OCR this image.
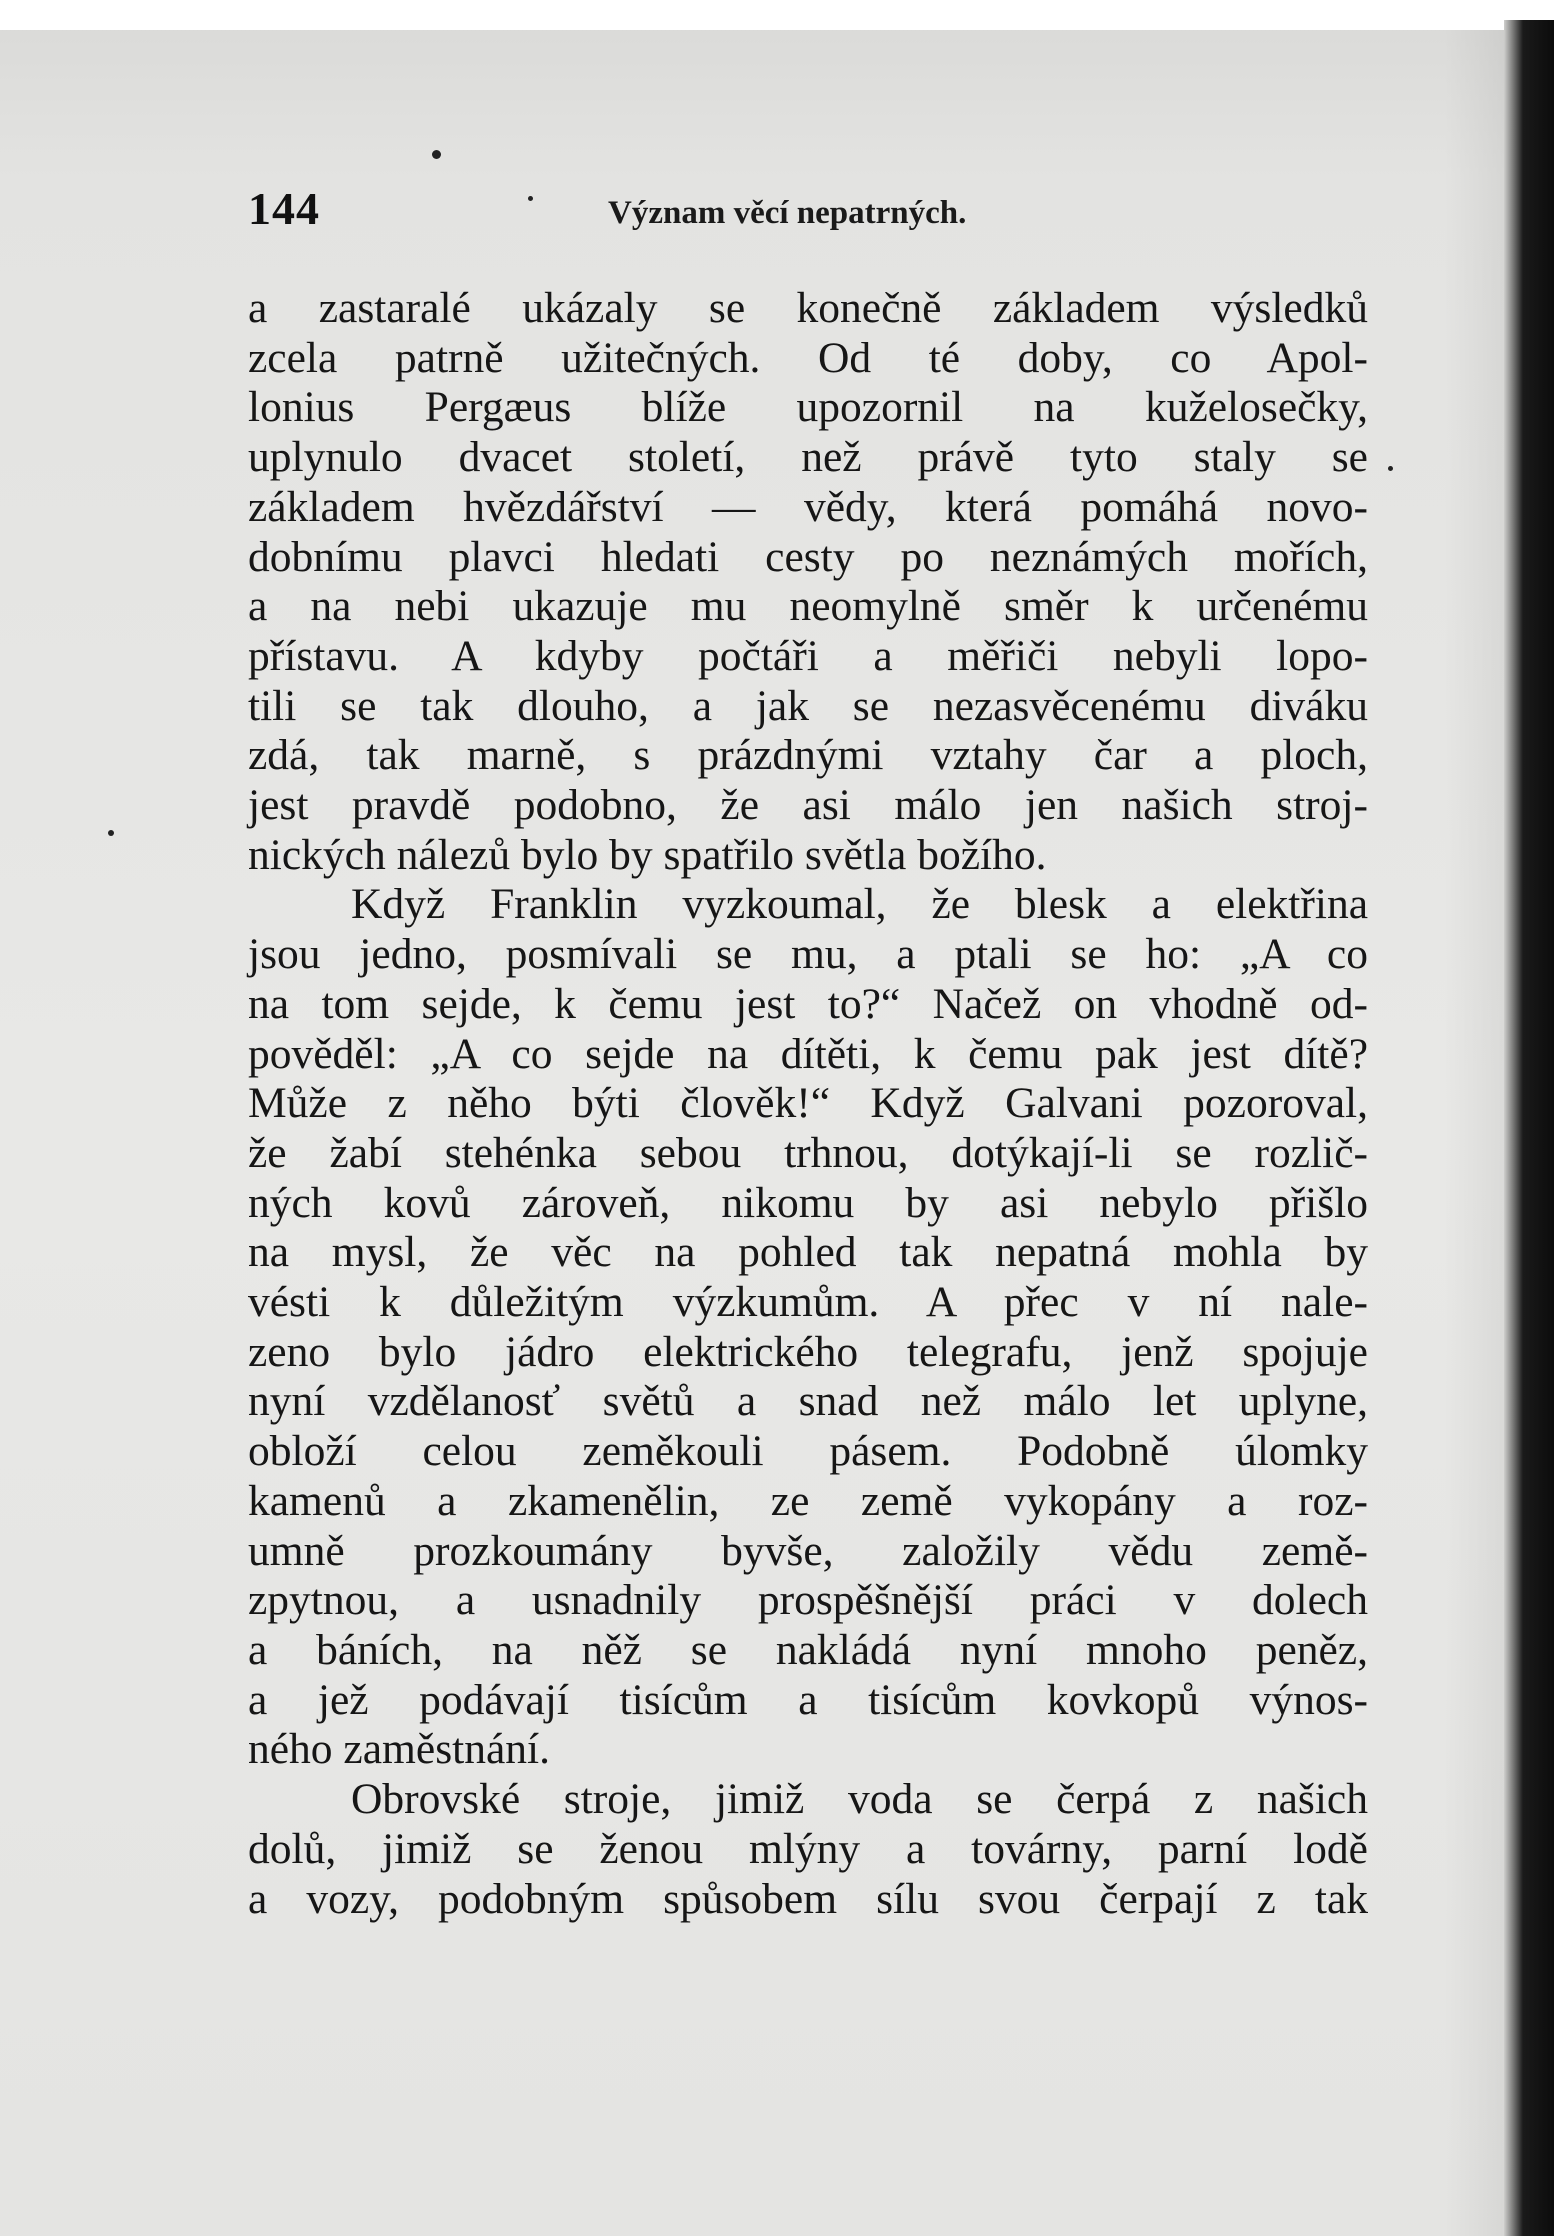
144	Význam věcí nepatrných.
a zastaralé ukázaly se konečně základem výsledků
zcela patrně užitečných. Od té doby, co Apol-
lonius Pergæus blíže upozornil na kuželosečky,
uplynulo dvacet století, než právě tyto staly se
základem hvězdářství — vědy, která pomáhá novo-
dobnímu plavci hledati cesty po neznámých mořích,
a na nebi ukazuje mu neomylně směr k určenému
přístavu. A kdyby počtáři a měřiči nebyli lopo-
tili se tak dlouho, a jak se nezasvěcenému diváku
zdá, tak marně, s prázdnými vztahy čar a ploch,
jest pravdě podobno, že asi málo jen našich stroj-
nických nálezů bylo by spatřilo světla božího.
Když Franklin vyzkoumal, že blesk a elektřina
jsou jedno, posmívali se mu, a ptali se ho: „A co
na tom sejde, k čemu jest to?“ Načež on vhodně od-
pověděl: „A co sejde na dítěti, k čemu pak jest dítě?
Může z něho býti člověk!“ Když Galvani pozoroval,
že žabí stehénka sebou trhnou, dotýkají-li se rozlič-
ných kovů zároveň, nikomu by asi nebylo přišlo
na mysl, že věc na pohled tak nepatná mohla by
vésti k důležitým výzkumům. A přec v ní nale-
zeno bylo jádro elektrického telegrafu, jenž spojuje
nyní vzdělanosť světů a snad než málo let uplyne,
obloží celou zeměkouli pásem. Podobně úlomky
kamenů a zkamenělin, ze země vykopány a roz-
umně prozkoumány byvše, založily vědu země-
zpytnou, a usnadnily prospěšnější práci v dolech
a báních, na něž se nakládá nyní mnoho peněz,
a jež podávají tisícům a tisícům kovkopů výnos-
ného zaměstnání.
Obrovské stroje, jimiž voda se čerpá z našich
dolů, jimiž se ženou mlýny a továrny, parní lodě
a vozy, podobným spůsobem sílu svou čerpají z tak
